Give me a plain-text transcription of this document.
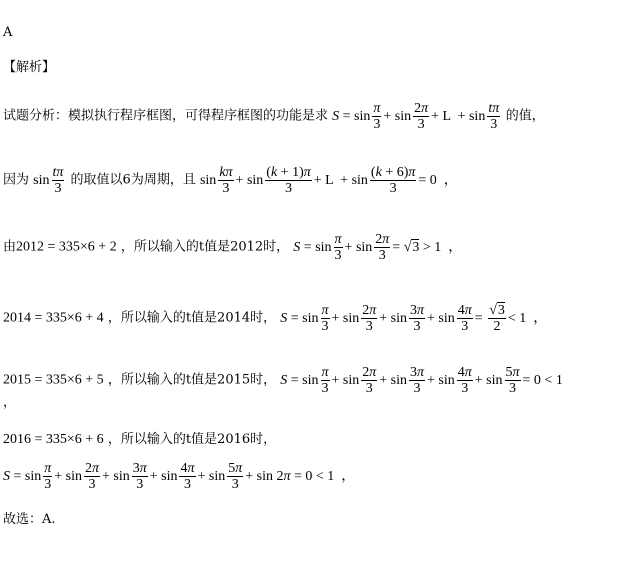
A
【解析】
试题分析：模拟执行程序框图，可得程序框图的功能是求 $S = \sin \frac{\pi}{3} + \sin \frac{2\pi}{3} + L + \sin \frac{t\pi}{3}$ 的值，
因为 $\sin \frac{t\pi}{3}$ 的取值以6为周期，且 $\sin \frac{k\pi}{3} + \sin \frac{(k + 1)\pi}{3} + L + \sin \frac{(k + 6)\pi}{3} = 0$  ，
由2012 = 335×6 + 2 ，所以输入的t值是2012时， $S = \sin \frac{\pi}{3} + \sin \frac{2\pi}{3} = √3 > 1$  ，
2014 = 335×6 + 4 ，所以输入的t值是2014时， $S = \sin \frac{\pi}{3} + \sin \frac{2\pi}{3} + \sin \frac{3\pi}{3} + \sin \frac{4\pi}{3} = \frac{√3}{2} < 1$  ，
2015 = 335×6 + 5 ，所以输入的t值是2015时， $S = \sin \frac{\pi}{3} + \sin \frac{2\pi}{3} + \sin \frac{3\pi}{3} + \sin \frac{4\pi}{3} + \sin \frac{5\pi}{3} = 0 < 1$
，
2016 = 335×6 + 6 ，所以输入的t值是2016时，
$S = \sin \frac{\pi}{3} + \sin \frac{2\pi}{3} + \sin \frac{3\pi}{3} + \sin \frac{4\pi}{3} + \sin \frac{5\pi}{3} + \sin 2\pi = 0 < 1$  ，
故选：A.
